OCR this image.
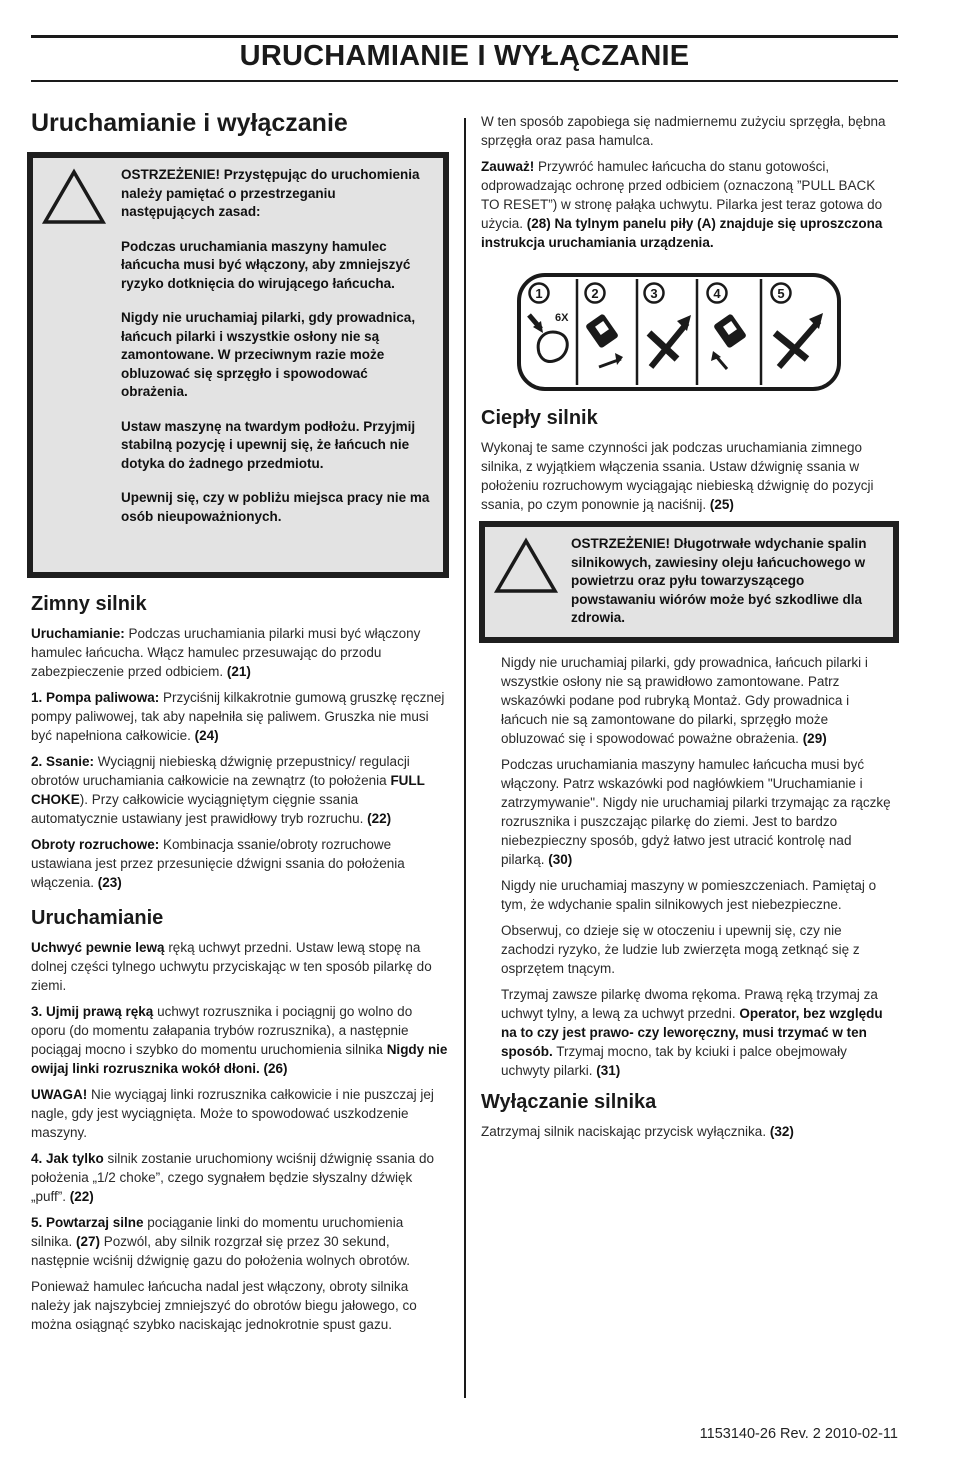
URUCHAMIANIE I WYŁĄCZANIE
Uruchamianie i wyłączanie

OSTRZEŻENIE! Przystępując do uruchomienia należy pamiętać o przestrzeganiu następujących zasad:

Podczas uruchamiania maszyny hamulec łańcucha musi być włączony, aby zmniejszyć ryzyko dotknięcia do wirującego łańcucha.

Nigdy nie uruchamiaj pilarki, gdy prowadnica, łańcuch pilarki i wszystkie osłony nie są zamontowane. W przeciwnym razie może obluzować się sprzęgło i spowodować obrażenia.

Ustaw maszynę na twardym podłożu. Przyjmij stabilną pozycję i upewnij się, że łańcuch nie dotyka do żadnego przedmiotu.

Upewnij się, czy w pobliżu miejsca pracy nie ma osób nieupoważnionych.

Zimny silnik

Uruchamianie: Podczas uruchamiania pilarki musi być włączony hamulec łańcucha. Włącz hamulec przesuwając do przodu zabezpieczenie przed odbiciem. (21)

1. Pompa paliwowa: Przyciśnij kilkakrotnie gumową gruszkę ręcznej pompy paliwowej, tak aby napełniła się paliwem. Gruszka nie musi być napełniona całkowicie. (24)

2. Ssanie: Wyciągnij niebieską dźwignię przepustnicy/ regulacji obrotów uruchamiania całkowicie na zewnątrz (to położenia FULL CHOKE). Przy całkowicie wyciągniętym cięgnie ssania automatycznie ustawiany jest prawidłowy tryb rozruchu. (22)

Obroty rozruchowe: Kombinacja ssanie/obroty rozruchowe ustawiana jest przez przesunięcie dźwigni ssania do położenia włączenia. (23)

Uruchamianie

Uchwyć pewnie lewą ręką uchwyt przedni. Ustaw lewą stopę na dolnej części tylnego uchwytu przyciskając w ten sposób pilarkę do ziemi.

3. Ujmij prawą ręką uchwyt rozrusznika i pociągnij go wolno do oporu (do momentu załapania trybów rozrusznika), a następnie pociągaj mocno i szybko do momentu uruchomienia silnika Nigdy nie owijaj linki rozrusznika wokół dłoni. (26)

UWAGA! Nie wyciągaj linki rozrusznika całkowicie i nie puszczaj jej nagle, gdy jest wyciągnięta. Może to spowodować uszkodzenie maszyny.

4. Jak tylko silnik zostanie uruchomiony wciśnij dźwignię ssania do położenia „1/2 choke”, czego sygnałem będzie słyszalny dźwięk „puff”. (22)

5. Powtarzaj silne pociąganie linki do momentu uruchomienia silnika. (27) Pozwól, aby silnik rozgrzał się przez 30 sekund, następnie wciśnij dźwignię gazu do położenia wolnych obrotów.

Ponieważ hamulec łańcucha nadal jest włączony, obroty silnika należy jak najszybciej zmniejszyć do obrotów biegu jałowego, co można osiągnąć szybko naciskając jednokrotnie spust gazu.

W ten sposób zapobiega się nadmiernemu zużyciu sprzęgła, bębna sprzęgła oraz pasa hamulca.

Zauważ! Przywróć hamulec łańcucha do stanu gotowości, odprowadzając ochronę przed odbiciem (oznaczoną ”PULL BACK TO RESET”) w stronę pałąka uchwytu. Pilarka jest teraz gotowa do użycia. (28) Na tylnym panelu piły (A) znajduje się uproszczona instrukcja uruchamiania urządzenia.

1	2	3	4	5
6X
Ciepły silnik

Wykonaj te same czynności jak podczas uruchamiania zimnego silnika, z wyjątkiem włączenia ssania. Ustaw dźwignię ssania w położeniu rozruchowym wyciągając niebieską dźwignię do pozycji ssania, po czym ponownie ją naciśnij. (25)

OSTRZEŻENIE! Długotrwałe wdychanie spalin silnikowych, zawiesiny oleju łańcuchowego w powietrzu oraz pyłu towarzyszącego powstawaniu wiórów może być szkodliwe dla zdrowia.

Nigdy nie uruchamiaj pilarki, gdy prowadnica, łańcuch pilarki i wszystkie osłony nie są prawidłowo zamontowane. Patrz wskazówki podane pod rubryką Montaż. Gdy prowadnica i łańcuch nie są zamontowane do pilarki, sprzęgło może obluzować się i spowodować poważne obrażenia. (29)

Podczas uruchamiania maszyny hamulec łańcucha musi być włączony. Patrz wskazówki pod nagłówkiem "Uruchamianie i zatrzymywanie". Nigdy nie uruchamiaj pilarki trzymając za rączkę rozrusznika i puszczając pilarkę do ziemi. Jest to bardzo niebezpieczny sposób, gdyż łatwo jest utracić kontrolę nad pilarką. (30)

Nigdy nie uruchamiaj maszyny w pomieszczeniach. Pamiętaj o tym, że wdychanie spalin silnikowych jest niebezpieczne.

Obserwuj, co dzieje się w otoczeniu i upewnij się, czy nie zachodzi ryzyko, że ludzie lub zwierzęta mogą zetknąć się z osprzętem tnącym.

Trzymaj zawsze pilarkę dwoma rękoma. Prawą ręką trzymaj za uchwyt tylny, a lewą za uchwyt przedni. Operator, bez względu na to czy jest prawo- czy leworęczny, musi trzymać w ten sposób. Trzymaj mocno, tak by kciuki i palce obejmowały uchwyty pilarki. (31)

Wyłączanie silnika

Zatrzymaj silnik naciskając przycisk wyłącznika. (32)

1153140-26 Rev. 2 2010-02-11
